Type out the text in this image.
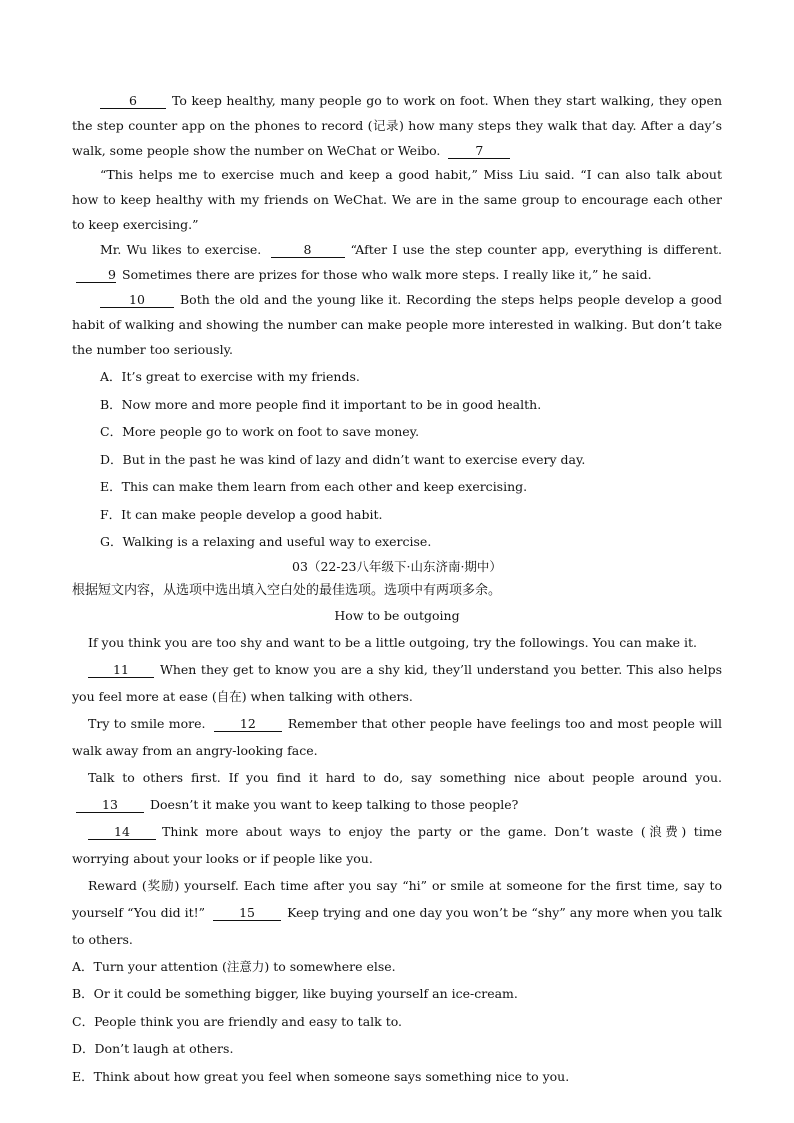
6	To keep healthy, many people go to work on foot. When they start walking, they open the step counter app on the phones to record (记录) how many steps they walk that day. After a day’s walk, some people show the number on WeChat or Weibo.	7

“This helps me to exercise much and keep a good habit,” Miss Liu said. “I can also talk about how to keep healthy with my friends on WeChat. We are in the same group to encourage each other to keep exercising.”

Mr. Wu likes to exercise.	8	“After I use the step counter app, everything is different. 9 Sometimes there are prizes for those who walk more steps. I really like it,” he said.

10	Both the old and the young like it. Recording the steps helps people develop a good habit of walking and showing the number can make people more interested in walking. But don’t take the number too seriously.

A．It’s great to exercise with my friends.

B．Now more and more people find it important to be in good health.

C．More people go to work on foot to save money.

D．But in the past he was kind of lazy and didn’t want to exercise every day.

E．This can make them learn from each other and keep exercising.

F．It can make people develop a good habit.

G．Walking is a relaxing and useful way to exercise.

03（22-23八年级下·山东济南·期中）

根据短文内容，从选项中选出填入空白处的最佳选项。选项中有两项多余。

How to be outgoing

If you think you are too shy and want to be a little outgoing, try the followings. You can make it.

11 When they get to know you are a shy kid, they’ll understand you better. This also helps you feel more at ease (自在) when talking with others.

Try to smile more.	12	Remember that other people have feelings too and most people will walk away from an angry-looking face.

Talk to others first. If you find it hard to do, say something nice about people around you. 13	Doesn’t it make you want to keep talking to those people?

14	Think more about ways to enjoy the party or the game. Don’t waste (浪费) time worrying about your looks or if people like you.

Reward (奖励) yourself. Each time after you say “hi” or smile at someone for the first time, say to yourself “You did it!”	15	Keep trying and one day you won’t be “shy” any more when you talk to others.

A．Turn your attention (注意力) to somewhere else.

B．Or it could be something bigger, like buying yourself an ice-cream.

C．People think you are friendly and easy to talk to.

D．Don’t laugh at others.

E．Think about how great you feel when someone says something nice to you.
